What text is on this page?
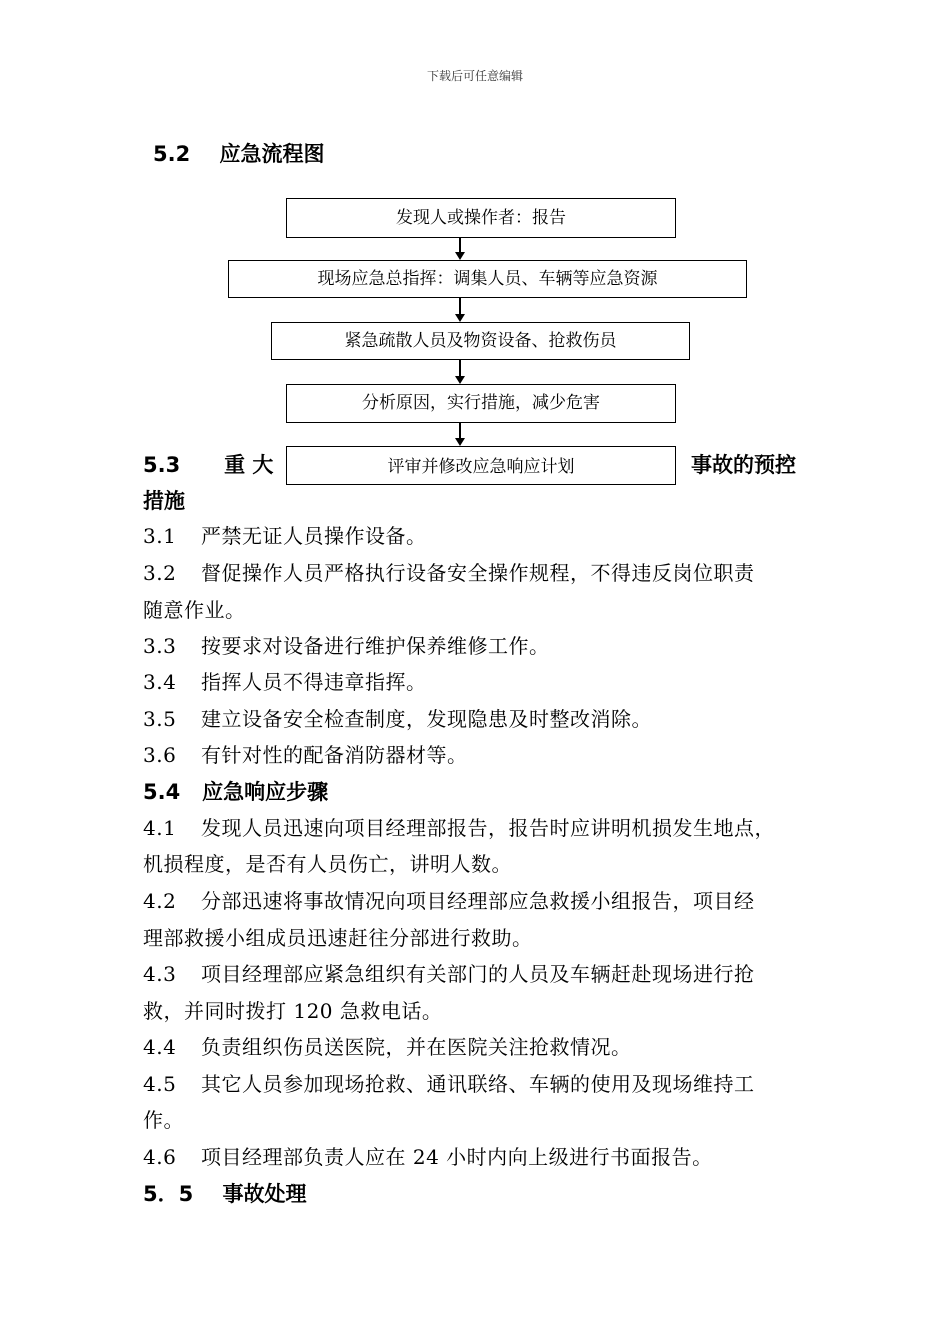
下载后可任意编辑
5.2 应急流程图
发现人或操作者：报告
现场应急总指挥：调集人员、车辆等应急资源
紧急疏散人员及物资设备、抢救伤员
分析原因，实行措施，减少危害
评审并修改应急响应计划
5.3 重 大	事故的预控
措施
3.1 严禁无证人员操作设备。
3.2 督促操作人员严格执行设备安全操作规程，不得违反岗位职责
随意作业。
3.3 按要求对设备进行维护保养维修工作。
3.4 指挥人员不得违章指挥。
3.5 建立设备安全检查制度，发现隐患及时整改消除。
3.6 有针对性的配备消防器材等。
5.4 应急响应步骤
4.1 发现人员迅速向项目经理部报告，报告时应讲明机损发生地点，
机损程度，是否有人员伤亡，讲明人数。
4.2 分部迅速将事故情况向项目经理部应急救援小组报告，项目经
理部救援小组成员迅速赶往分部进行救助。
4.3 项目经理部应紧急组织有关部门的人员及车辆赶赴现场进行抢
救，并同时拨打 120 急救电话。
4.4 负责组织伤员送医院，并在医院关注抢救情况。
4.5 其它人员参加现场抢救、通讯联络、车辆的使用及现场维持工
作。
4.6 项目经理部负责人应在 24 小时内向上级进行书面报告。
5．5 事故处理
